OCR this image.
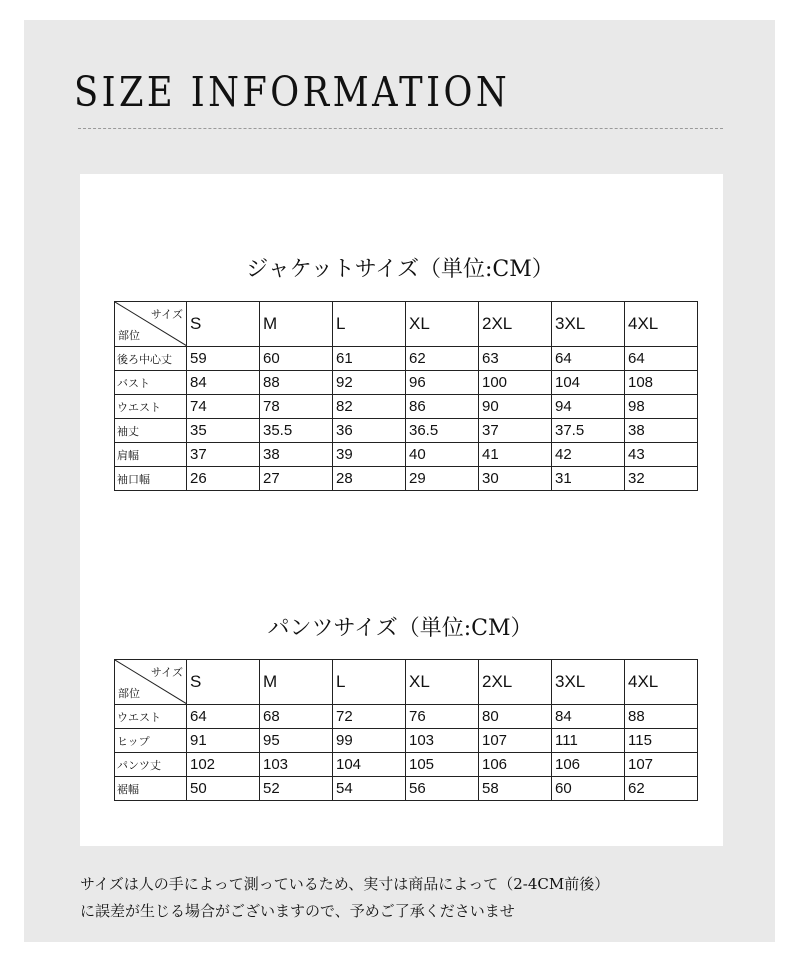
SIZE INFORMATION
ジャケットサイズ（単位:CM）
サイズ
部位	S	M	L	XL	2XL	3XL	4XL
後ろ中心丈	59	60	61	62	63	64	64
バスト	84	88	92	96	100	104	108
ウエスト	74	78	82	86	90	94	98
袖丈	35	35.5	36	36.5	37	37.5	38
肩幅	37	38	39	40	41	42	43
袖口幅	26	27	28	29	30	31	32
パンツサイズ（単位:CM）
サイズ
部位	S	M	L	XL	2XL	3XL	4XL
ウエスト	64	68	72	76	80	84	88
ヒップ	91	95	99	103	107	111	115
パンツ丈	102	103	104	105	106	106	107
裾幅	50	52	54	56	58	60	62
サイズは人の手によって測っているため、実寸は商品によって（2-4CM前後）
に誤差が生じる場合がございますので、予めご了承くださいませ
